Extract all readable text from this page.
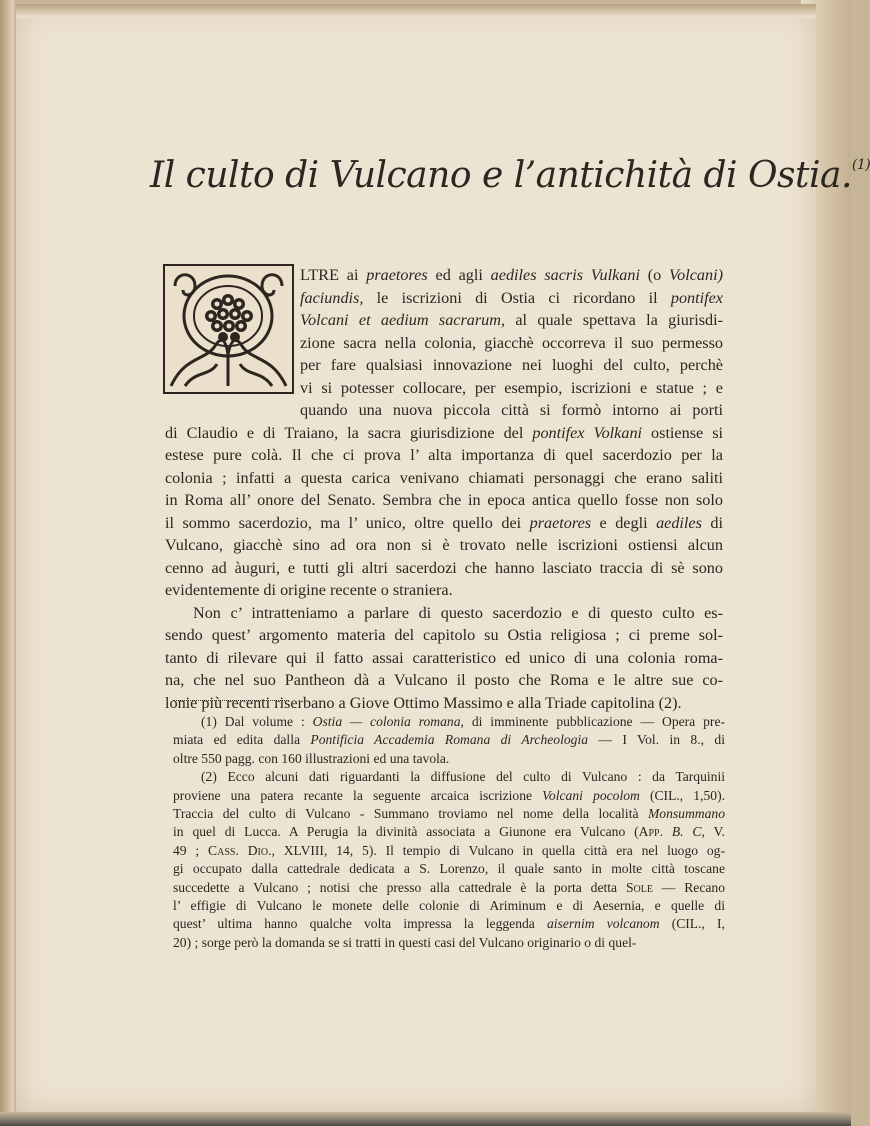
Il culto di Vulcano e l’antichità di Ostia.$^{(1)}$
LTRE ai praetores ed agli aediles sacris Vulkani (o Volcani)
faciundis, le iscrizioni di Ostia ci ricordano il pontifex
Volcani et aedium sacrarum, al quale spettava la giurisdi-
zione sacra nella colonia, giacchè occorreva il suo permesso
per fare qualsiasi innovazione nei luoghi del culto, perchè
vi si potesser collocare, per esempio, iscrizioni e statue ; e
quando una nuova piccola città si formò intorno ai porti
di Claudio e di Traiano, la sacra giurisdizione del pontifex Volkani ostiense si
estese pure colà. Il che ci prova l’ alta importanza di quel sacerdozio per la
colonia ; infatti a questa carica venivano chiamati personaggi che erano saliti
in Roma all’ onore del Senato. Sembra che in epoca antica quello fosse non solo
il sommo sacerdozio, ma l’ unico, oltre quello dei praetores e degli aediles di
Vulcano, giacchè sino ad ora non si è trovato nelle iscrizioni ostiensi alcun
cenno ad àuguri, e tutti gli altri sacerdozi che hanno lasciato traccia di sè sono
evidentemente di origine recente o straniera.
Non c’ intratteniamo a parlare di questo sacerdozio e di questo culto es-
sendo quest’ argomento materia del capitolo su Ostia religiosa ; ci preme sol-
tanto di rilevare qui il fatto assai caratteristico ed unico di una colonia roma-
na, che nel suo Pantheon dà a Vulcano il posto che Roma e le altre sue co-
lonie più recenti riserbano a Giove Ottimo Massimo e alla Triade capitolina (2).
(1) Dal volume : Ostia — colonia romana, di imminente pubblicazione — Opera pre-
miata ed edita dalla Pontificia Accademia Romana di Archeologia — I Vol. in 8., di
oltre 550 pagg. con 160 illustrazioni ed una tavola.
(2) Ecco alcuni dati riguardanti la diffusione del culto di Vulcano : da Tarquinii
proviene una patera recante la seguente arcaica iscrizione Volcani pocolom (CIL., 1,50).
Traccia del culto di Vulcano - Summano troviamo nel nome della località Monsummano
in quel di Lucca. A Perugia la divinità associata a Giunone era Vulcano (App. B. C, V.
49 ; Cass. Dio., XLVIII, 14, 5). Il tempio di Vulcano in quella città era nel luogo og-
gi occupato dalla cattedrale dedicata a S. Lorenzo, il quale santo in molte città toscane
succedette a Vulcano ; notisi che presso alla cattedrale è la porta detta Sole — Recano
l’ effigie di Vulcano le monete delle colonie di Ariminum e di Aesernia, e quelle di
quest’ ultima hanno qualche volta impressa la leggenda aisernim volcanom (CIL., I,
20) ; sorge però la domanda se si tratti in questi casi del Vulcano originario o di quel-
